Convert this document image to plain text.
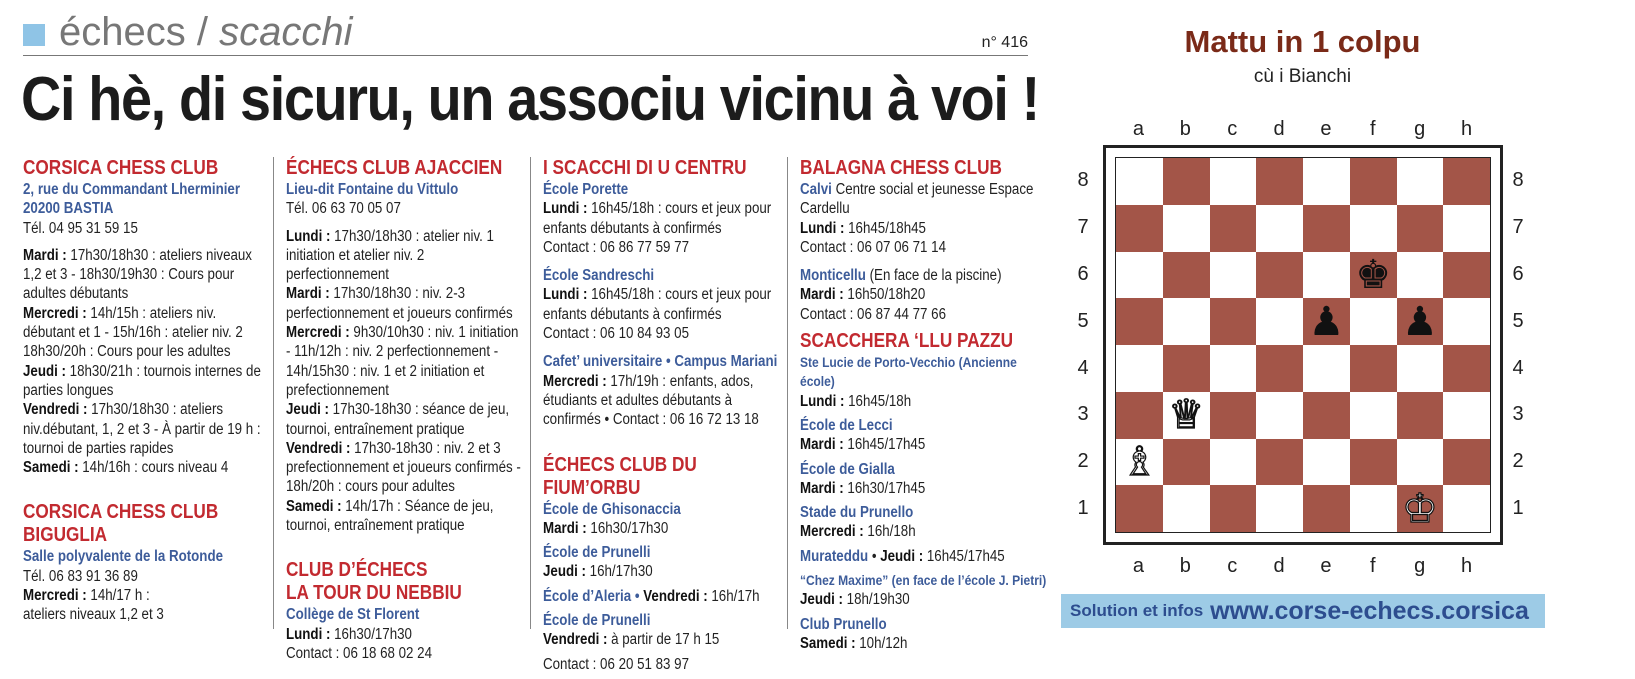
échecs / scacchi	n° 416
Ci hè, di sicuru, un associu vicinu à voi !
CORSICA CHESS CLUB
2, rue du Commandant Lherminier
20200 BASTIA
Tél. 04 95 31 59 15
Mardi : 17h30/18h30 : ateliers niveaux 1,2 et 3 - 18h30/19h30 : Cours pour adultes débutants
Mercredi : 14h/15h : ateliers niv. débutant et 1 - 15h/16h : atelier niv. 2 18h30/20h : Cours pour les adultes
Jeudi : 18h30/21h : tournois internes de parties longues
Vendredi : 17h30/18h30 : ateliers niv.débutant, 1, 2 et 3 - À partir de 19 h : tournoi de parties rapides
Samedi : 14h/16h : cours niveau 4
CORSICA CHESS CLUB
BIGUGLIA
Salle polyvalente de la Rotonde
Tél. 06 83 91 36 89
Mercredi : 14h/17 h :
ateliers niveaux 1,2 et 3
ÉCHECS CLUB AJACCIEN
Lieu-dit Fontaine du Vittulo
Tél. 06 63 70 05 07
Lundi : 17h30/18h30 : atelier niv. 1 initiation et atelier niv. 2 perfectionnement
Mardi : 17h30/18h30 : niv. 2-3 perfectionnement et joueurs confirmés
Mercredi : 9h30/10h30 : niv. 1 initiation - 11h/12h : niv. 2 perfectionnement - 14h/15h30 : niv. 1 et 2 initiation et prefectionnement
Jeudi : 17h30-18h30 : séance de jeu, tournoi, entraînement pratique
Vendredi : 17h30-18h30 : niv. 2 et 3 prefectionnement et joueurs confirmés - 18h/20h : cours pour adultes
Samedi : 14h/17h : Séance de jeu, tournoi, entraînement pratique
CLUB D’ÉCHECS
LA TOUR DU NEBBIU
Collège de St Florent
Lundi : 16h30/17h30
Contact : 06 18 68 02 24
I SCACCHI DI U CENTRU
École Porette
Lundi : 16h45/18h : cours et jeux pour enfants débutants à confirmés
Contact : 06 86 77 59 77
École Sandreschi
Lundi : 16h45/18h : cours et jeux pour enfants débutants à confirmés
Contact : 06 10 84 93 05
Cafet’ universitaire • Campus Mariani
Mercredi : 17h/19h : enfants, ados, étudiants et adultes débutants à confirmés • Contact : 06 16 72 13 18
ÉCHECS CLUB DU FIUM’ORBU
École de Ghisonaccia
Mardi : 16h30/17h30
École de Prunelli
Jeudi : 16h/17h30
École d’Aleria • Vendredi : 16h/17h
École de Prunelli
Vendredi : à partir de 17 h 15
Contact : 06 20 51 83 97
BALAGNA CHESS CLUB
Calvi Centre social et jeunesse Espace Cardellu
Lundi : 16h45/18h45
Contact : 06 07 06 71 14
Monticellu (En face de la piscine)
Mardi : 16h50/18h20
Contact : 06 87 44 77 66
SCACCHERA ‘LLU PAZZU
Ste Lucie de Porto-Vecchio (Ancienne école)
Lundi : 16h45/18h
École de Lecci
Mardi : 16h45/17h45
École de Gialla
Mardi : 16h30/17h45
Stade du Prunello
Mercredi : 16h/18h
Murateddu • Jeudi : 16h45/17h45
“Chez Maxime” (en face de l’école J. Pietri)
Jeudi : 18h/19h30
Club Prunello
Samedi : 10h/12h
Mattu in 1 colpu
cù i Bianchi
a	b	c	d	e	f	g	h
a	b	c	d	e	f	g	h
8
7
6
5
4
3
2
1
8
7
6
5
4
3
2
1
♚
♟ ♟
♕
♗
♔
Solution et infos www.corse-echecs.corsica
